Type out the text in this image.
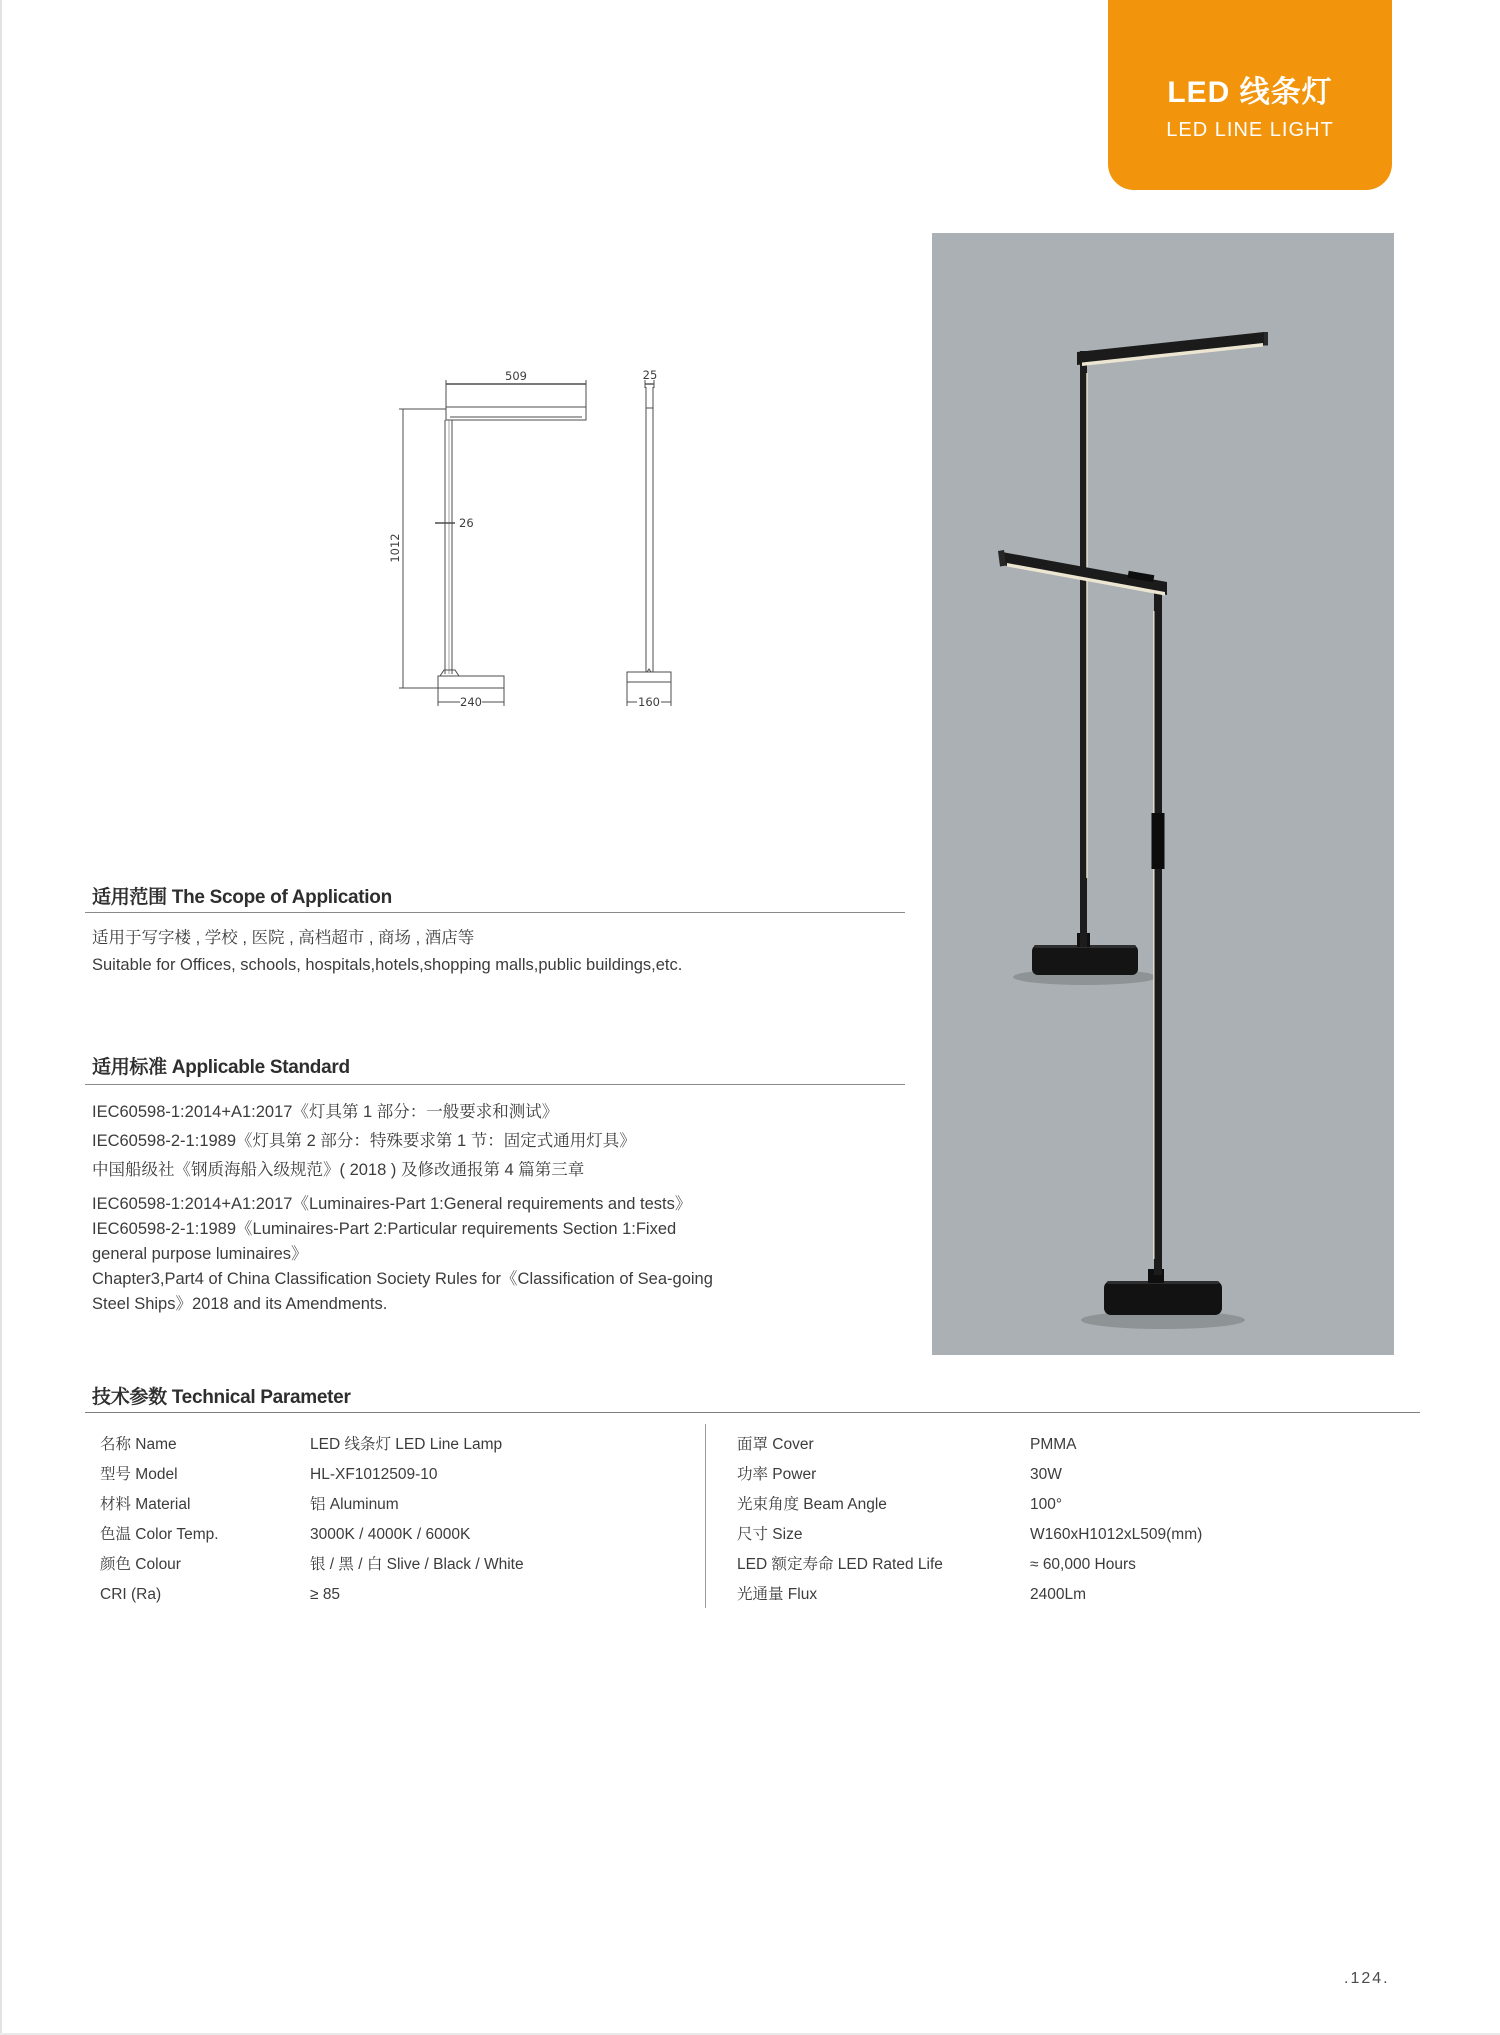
LED 线条灯
LED LINE LIGHT
509	25
1012
26
240	160
适用范围 The Scope of Application
适用于写字楼 , 学校 , 医院 , 高档超市 , 商场 , 酒店等
Suitable for Offices, schools, hospitals,hotels,shopping malls,public buildings,etc.
适用标准 Applicable Standard
IEC60598-1:2014+A1:2017《灯具第 1 部分：一般要求和测试》
IEC60598-2-1:1989《灯具第 2 部分：特殊要求第 1 节：固定式通用灯具》
中国船级社《钢质海船入级规范》( 2018 ) 及修改通报第 4 篇第三章
IEC60598-1:2014+A1:2017《Luminaires-Part 1:General requirements and tests》
IEC60598-2-1:1989《Luminaires-Part 2:Particular requirements Section 1:Fixed
general purpose luminaires》
Chapter3,Part4 of China Classification Society Rules for《Classification of Sea-going
Steel Ships》2018 and its Amendments.
技术参数 Technical Parameter
名称 Name	LED 线条灯 LED Line Lamp
型号 Model	HL-XF1012509-10
材料 Material	铝 Aluminum
色温 Color Temp.	3000K / 4000K / 6000K
颜色 Colour	银 / 黑 / 白 Slive / Black / White
CRI (Ra)	≥ 85
面罩 Cover	PMMA
功率 Power	30W
光束角度 Beam Angle	100°
尺寸 Size	W160xH1012xL509(mm)
LED 额定寿命 LED Rated Life	≈ 60,000 Hours
光通量 Flux	2400Lm
.124.
